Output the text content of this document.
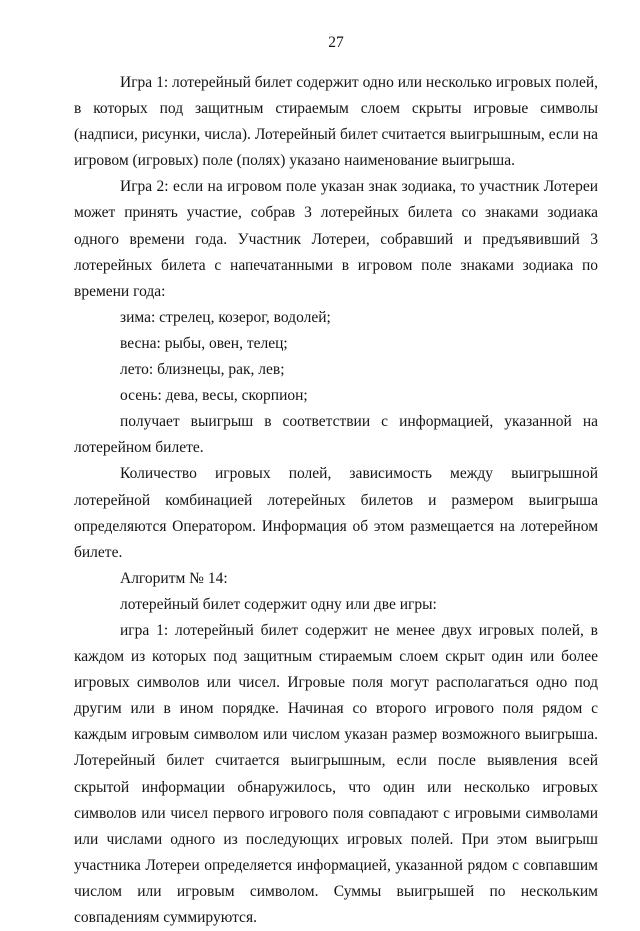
27

Игра 1: лотерейный билет содержит одно или несколько игровых полей, в которых под защитным стираемым слоем скрыты игровые символы (надписи, рисунки, числа). Лотерейный билет считается выигрышным, если на игровом (игровых) поле (полях) указано наименование выигрыша.

Игра 2: если на игровом поле указан знак зодиака, то участник Лотереи может принять участие, собрав 3 лотерейных билета со знаками зодиака одного времени года. Участник Лотереи, собравший и предъявивший 3 лотерейных билета с напечатанными в игровом поле знаками зодиака по времени года:

зима: стрелец, козерог, водолей;

весна: рыбы, овен, телец;

лето: близнецы, рак, лев;

осень: дева, весы, скорпион;

получает выигрыш в соответствии с информацией, указанной на лотерейном билете.

Количество игровых полей, зависимость между выигрышной лотерейной комбинацией лотерейных билетов и размером выигрыша определяются Оператором. Информация об этом размещается на лотерейном билете.

Алгоритм № 14:

лотерейный билет содержит одну или две игры:

игра 1: лотерейный билет содержит не менее двух игровых полей, в каждом из которых под защитным стираемым слоем скрыт один или более игровых символов или чисел. Игровые поля могут располагаться одно под другим или в ином порядке. Начиная со второго игрового поля рядом с каждым игровым символом или числом указан размер возможного выигрыша. Лотерейный билет считается выигрышным, если после выявления всей скрытой информации обнаружилось, что один или несколько игровых символов или чисел первого игрового поля совпадают с игровыми символами или числами одного из последующих игровых полей. При этом выигрыш участника Лотереи определяется информацией, указанной рядом с совпавшим числом или игровым символом. Суммы выигрышей по нескольким совпадениям суммируются.
